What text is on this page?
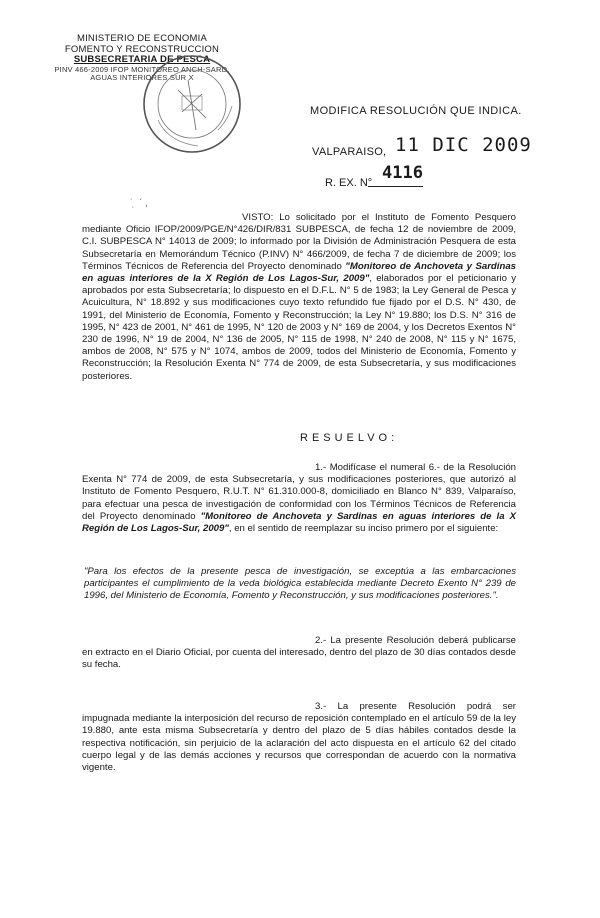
MINISTERIO DE ECONOMIA
FOMENTO Y RECONSTRUCCION
SUBSECRETARIA DE PESCA
PINV 466-2009 IFOP MONITOREO ANCH-SARD.
AGUAS INTERIORES SUR X
MODIFICA RESOLUCIÓN QUE INDICA.
VALPARAISO, 11 DIC 2009
R. EX. N° 4116
˙ ̣ ˊ ,
VISTO: Lo solicitado por el Instituto de Fomento Pesquero mediante Oficio IFOP/2009/PGE/N°426/DIR/831 SUBPESCA, de fecha 12 de noviembre de 2009, C.I. SUBPESCA N° 14013 de 2009; lo informado por la División de Administración Pesquera de esta Subsecretaría en Memorándum Técnico (P.INV) N° 466/2009, de fecha 7 de diciembre de 2009; los Términos Técnicos de Referencia del Proyecto denominado "Monitoreo de Anchoveta y Sardinas en aguas interiores de la X Región de Los Lagos-Sur, 2009", elaborados por el peticionario y aprobados por esta Subsecretaría; lo dispuesto en el D.F.L. N° 5 de 1983; la Ley General de Pesca y Acuicultura, N° 18.892 y sus modificaciones cuyo texto refundido fue fijado por el D.S. N° 430, de 1991, del Ministerio de Economía, Fomento y Reconstrucción; la Ley N° 19.880; los D.S. N° 316 de 1995, N° 423 de 2001, N° 461 de 1995, N° 120 de 2003 y N° 169 de 2004, y los Decretos Exentos N° 230 de 1996, N° 19 de 2004, N° 136 de 2005, N° 115 de 1998, N° 240 de 2008, N° 115 y N° 1675, ambos de 2008, N° 575 y N° 1074, ambos de 2009, todos del Ministerio de Economía, Fomento y Reconstrucción; la Resolución Exenta N° 774 de 2009, de esta Subsecretaría, y sus modificaciones posteriores.
RESUELVO:
1.- Modifícase el numeral 6.- de la Resolución Exenta N° 774 de 2009, de esta Subsecretaría, y sus modificaciones posteriores, que autorizó al Instituto de Fomento Pesquero, R.U.T. N° 61.310.000-8, domiciliado en Blanco N° 839, Valparaíso, para efectuar una pesca de investigación de conformidad con los Términos Técnicos de Referencia del Proyecto denominado "Monitoreo de Anchoveta y Sardinas en aguas interiores de la X Región de Los Lagos-Sur, 2009", en el sentido de reemplazar su inciso primero por el siguiente:
"Para los efectos de la presente pesca de investigación, se exceptúa a las embarcaciones participantes el cumplimiento de la veda biológica establecida mediante Decreto Exento N° 239 de 1996, del Ministerio de Economía, Fomento y Reconstrucción, y sus modificaciones posteriores.".
2.- La presente Resolución deberá publicarse en extracto en el Diario Oficial, por cuenta del interesado, dentro del plazo de 30 días contados desde su fecha.
3.- La presente Resolución podrá ser impugnada mediante la interposición del recurso de reposición contemplado en el artículo 59 de la ley 19.880, ante esta misma Subsecretaría y dentro del plazo de 5 días hábiles contados desde la respectiva notificación, sin perjuicio de la aclaración del acto dispuesta en el artículo 62 del citado cuerpo legal y de las demás acciones y recursos que correspondan de acuerdo con la normativa vigente.
